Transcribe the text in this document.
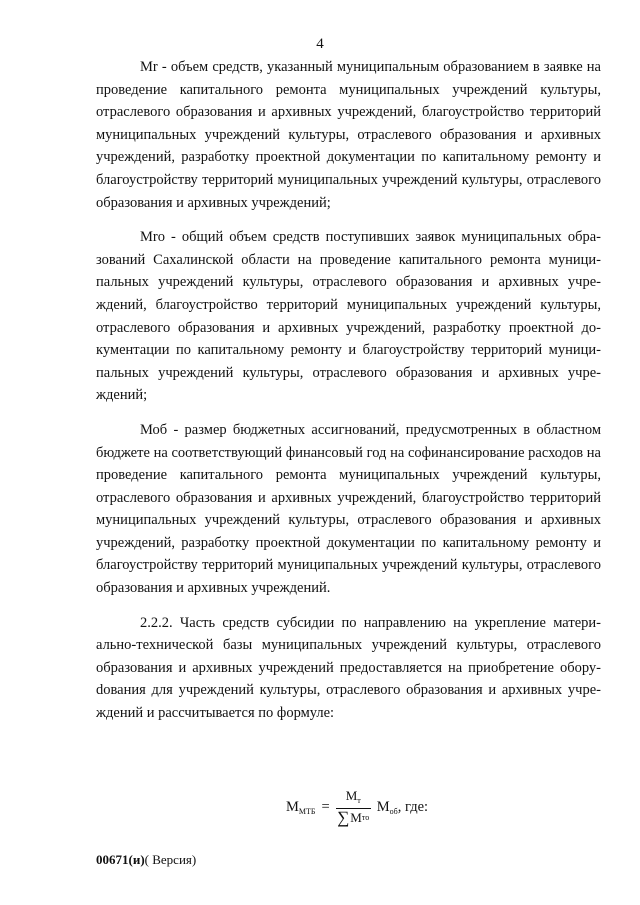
4

Mr - объем средств, указанный муниципальным образованием в заявке на проведение капитального ремонта муниципальных учреждений культуры, отраслевого образования и архивных учреждений, благоустройство территорий муниципальных учреждений культуры, отраслевого образования и архивных учреждений, разработку проектной документации по капитальному ремонту и благоустройству территорий муниципальных учреждений культуры, отраслевого образования и архивных учреждений;

Mro - общий объем средств поступивших заявок муниципальных образований Сахалинской области на проведение капитального ремонта муниципальных учреждений культуры, отраслевого образования и архивных учреждений, благоустройство территорий муниципальных учреждений культуры, отраслевого образования и архивных учреждений, разработку проектной документации по капитальному ремонту и благоустройству территорий муниципальных учреждений культуры, отраслевого образования и архивных учреждений;

Моб - размер бюджетных ассигнований, предусмотренных в областном бюджете на соответствующий финансовый год на софинансирование расходов на проведение капитального ремонта муниципальных учреждений культуры, отраслевого образования и архивных учреждений, благоустройство территорий муниципальных учреждений культуры, отраслевого образования и архивных учреждений, разработку проектной документации по капитальному ремонту и благоустройству территорий муниципальных учреждений культуры, отраслевого образования и архивных учреждений.

2.2.2. Часть средств субсидии по направлению на укрепление материально-технической базы муниципальных учреждений культуры, отраслевого образования и архивных учреждений предоставляется на приобретение оборуdования для учреждений культуры, отраслевого образования и архивных учреждений и рассчитывается по формуле:

$М_{МТБ} = \frac{М_т}{\text{∑ М то}} М_{об}$, где:
00671(и)( Версия)
